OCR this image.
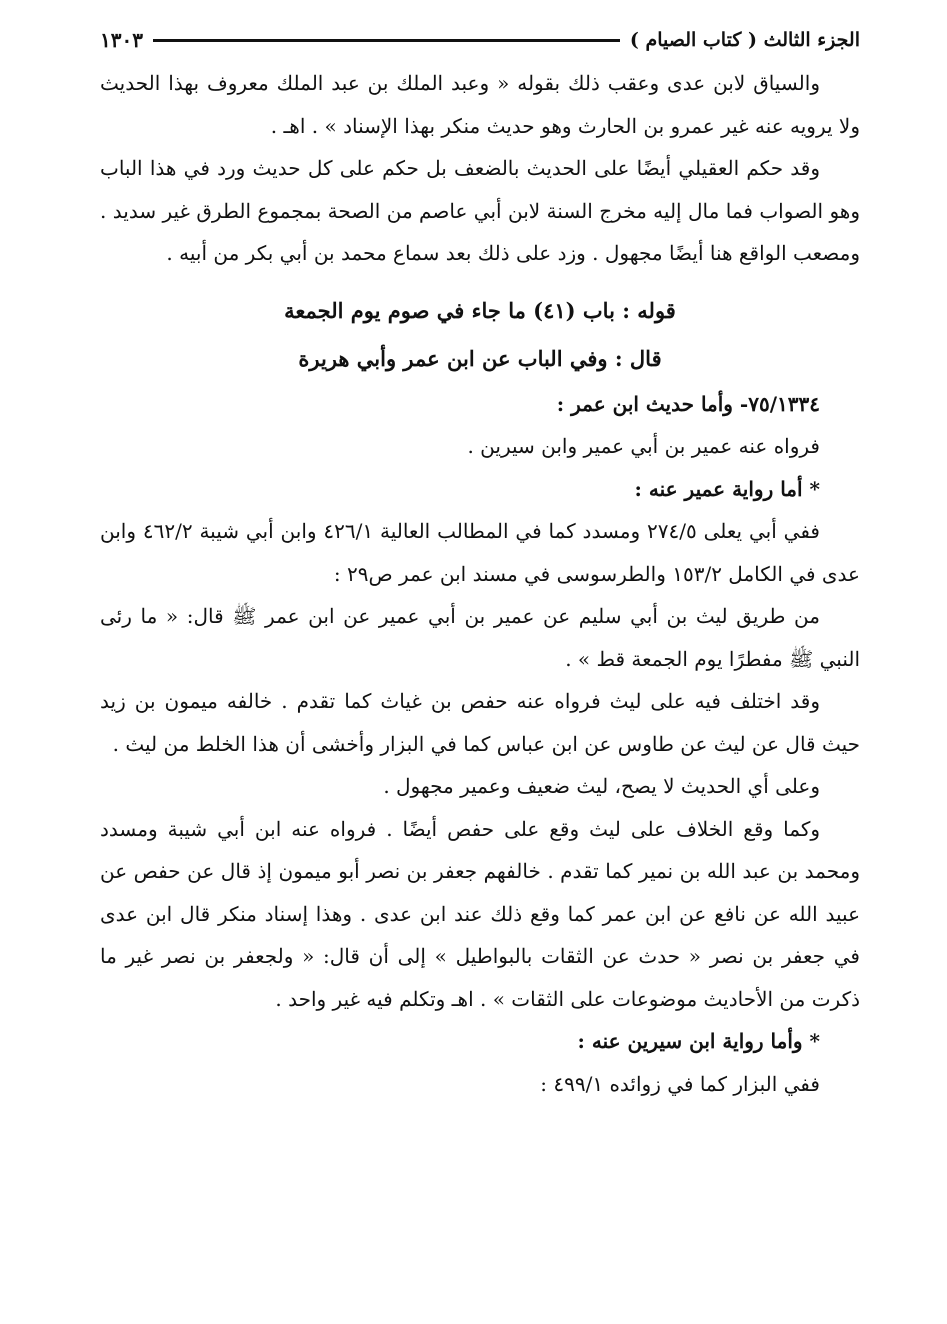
الجزء الثالث ( كتاب الصيام )
١٣٠٣

والسياق لابن عدى وعقب ذلك بقوله « وعبد الملك بن عبد الملك معروف بهذا الحديث ولا يرويه عنه غير عمرو بن الحارث وهو حديث منكر بهذا الإسناد » . اهـ .

وقد حكم العقيلي أيضًا على الحديث بالضعف بل حكم على كل حديث ورد في هذا الباب وهو الصواب فما مال إليه مخرج السنة لابن أبي عاصم من الصحة بمجموع الطرق غير سديد . ومصعب الواقع هنا أيضًا مجهول . وزد على ذلك بعد سماع محمد بن أبي بكر من أبيه .

قوله : باب (٤١) ما جاء في صوم يوم الجمعة

قال : وفي الباب عن ابن عمر وأبي هريرة

٧٥/١٣٣٤- وأما حديث ابن عمر :

فرواه عنه عمير بن أبي عمير وابن سيرين .

* أما رواية عمير عنه :

ففي أبي يعلى ٢٧٤/٥ ومسدد كما في المطالب العالية ٤٢٦/١ وابن أبي شيبة ٤٦٢/٢ وابن عدى في الكامل ١٥٣/٢ والطرسوسى في مسند ابن عمر ص٢٩ :

من طريق ليث بن أبي سليم عن عمير بن أبي عمير عن ابن عمر ﷺ قال: « ما رئى النبي ﷺ مفطرًا يوم الجمعة قط » .

وقد اختلف فيه على ليث فرواه عنه حفص بن غياث كما تقدم . خالفه ميمون بن زيد حيث قال عن ليث عن طاوس عن ابن عباس كما في البزار وأخشى أن هذا الخلط من ليث .

وعلى أي الحديث لا يصح، ليث ضعيف وعمير مجهول .

وكما وقع الخلاف على ليث وقع على حفص أيضًا . فرواه عنه ابن أبي شيبة ومسدد ومحمد بن عبد الله بن نمير كما تقدم . خالفهم جعفر بن نصر أبو ميمون إذ قال عن حفص عن عبيد الله عن نافع عن ابن عمر كما وقع ذلك عند ابن عدى . وهذا إسناد منكر قال ابن عدى في جعفر بن نصر « حدث عن الثقات بالبواطيل » إلى أن قال: « ولجعفر بن نصر غير ما ذكرت من الأحاديث موضوعات على الثقات » . اهـ وتكلم فيه غير واحد .

* وأما رواية ابن سيرين عنه :

ففي البزار كما في زوائده ٤٩٩/١ :
